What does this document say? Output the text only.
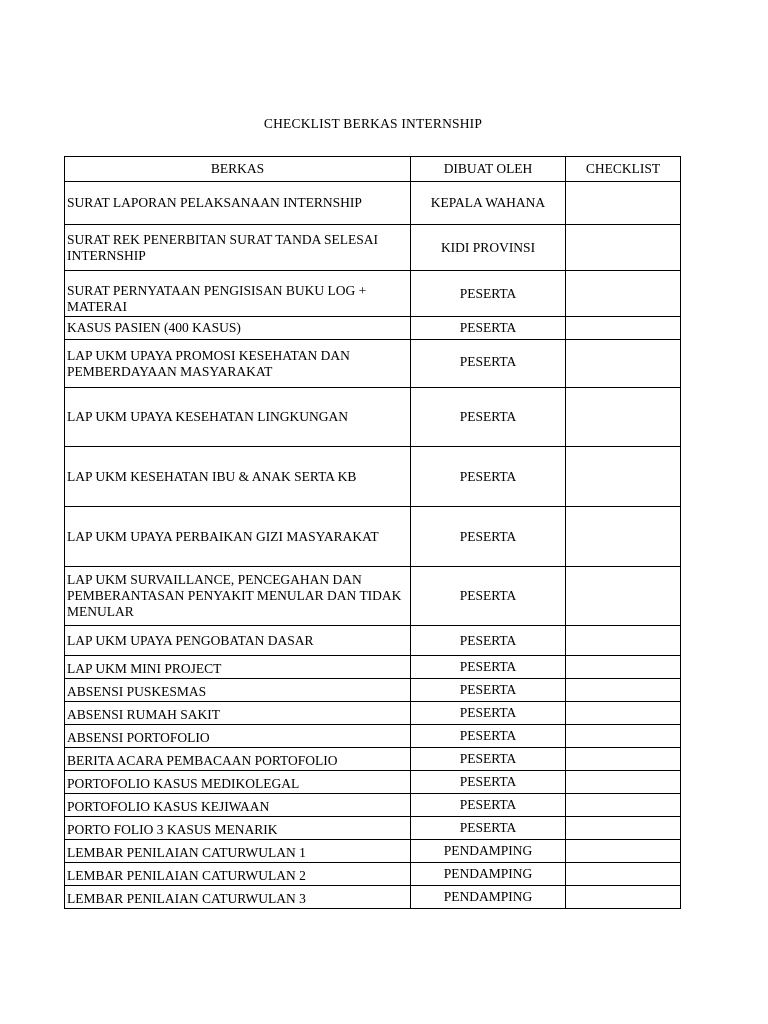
CHECKLIST BERKAS INTERNSHIP
BERKAS	DIBUAT OLEH	CHECKLIST
SURAT LAPORAN PELAKSANAAN INTERNSHIP	KEPALA WAHANA	
SURAT REK PENERBITAN SURAT TANDA SELESAI INTERNSHIP	KIDI PROVINSI	
SURAT PERNYATAAN PENGISISAN BUKU LOG + MATERAI	PESERTA	
KASUS PASIEN (400 KASUS)	PESERTA	
LAP UKM UPAYA PROMOSI KESEHATAN DAN PEMBERDAYAAN MASYARAKAT	PESERTA	
LAP UKM UPAYA KESEHATAN LINGKUNGAN	PESERTA	
LAP UKM KESEHATAN IBU & ANAK SERTA KB	PESERTA	
LAP UKM UPAYA PERBAIKAN GIZI MASYARAKAT	PESERTA	
LAP UKM SURVAILLANCE, PENCEGAHAN DAN PEMBERANTASAN PENYAKIT MENULAR DAN TIDAK MENULAR	PESERTA	
LAP UKM UPAYA PENGOBATAN DASAR	PESERTA	
LAP UKM MINI PROJECT	PESERTA	
ABSENSI PUSKESMAS	PESERTA	
ABSENSI RUMAH SAKIT	PESERTA	
ABSENSI PORTOFOLIO	PESERTA	
BERITA ACARA PEMBACAAN PORTOFOLIO	PESERTA	
PORTOFOLIO KASUS MEDIKOLEGAL	PESERTA	
PORTOFOLIO KASUS KEJIWAAN	PESERTA	
PORTO FOLIO 3 KASUS MENARIK	PESERTA	
LEMBAR PENILAIAN CATURWULAN 1	PENDAMPING	
LEMBAR PENILAIAN CATURWULAN 2	PENDAMPING	
LEMBAR PENILAIAN CATURWULAN 3	PENDAMPING	
